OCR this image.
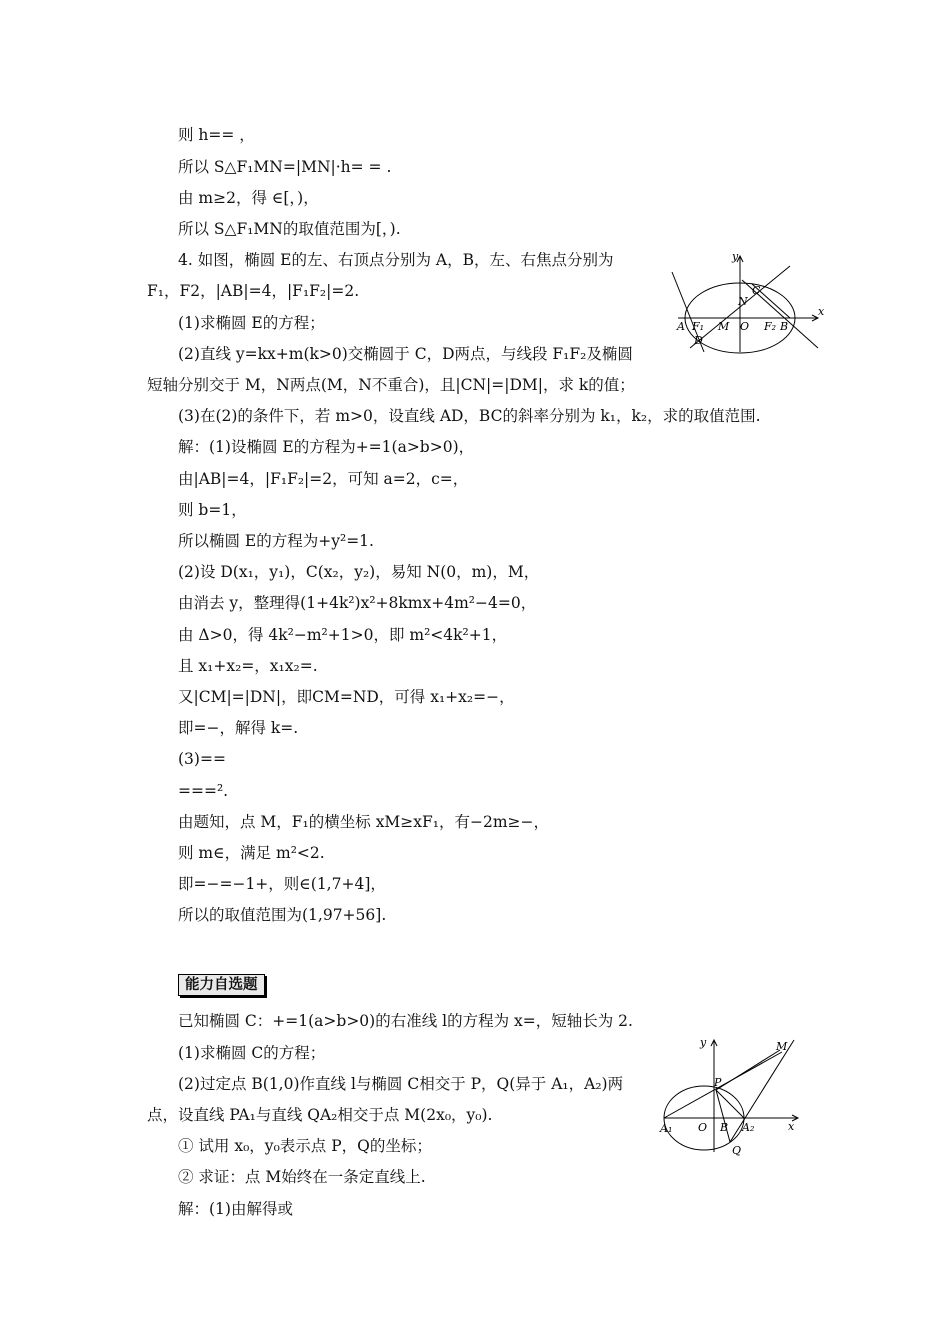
则 h== ，
所以 S△F₁MN=|MN|·h= = .
由 m≥2，得 ∈[，)，
所以 S△F₁MN的取值范围为[，).
4. 如图，椭圆 E的左、右顶点分别为 A，B，左、右焦点分别为
F₁，F2，|AB|=4，|F₁F₂|=2.
(1)求椭圆 E的方程；
(2)直线 y=kx+m(k>0)交椭圆于 C，D两点，与线段 F₁F₂及椭圆
短轴分别交于 M，N两点(M，N不重合)，且|CN|=|DM|，求 k的值；
(3)在(2)的条件下，若 m>0，设直线 AD，BC的斜率分别为 k₁，k₂，求的取值范围.
解：(1)设椭圆 E的方程为+=1(a>b>0)，
由|AB|=4，|F₁F₂|=2，可知 a=2，c=，
则 b=1，
所以椭圆 E的方程为+y²=1.
(2)设 D(x₁，y₁)，C(x₂，y₂)，易知 N(0，m)，M，
由消去 y，整理得(1+4k²)x²+8kmx+4m²−4=0，
由 Δ>0，得 4k²−m²+1>0，即 m²<4k²+1，
且 x₁+x₂=，x₁x₂=.
又|CM|=|DN|，即CM=ND，可得 x₁+x₂=−，
即=−，解得 k=.
(3)==
===².
由题知，点 M，F₁的横坐标 xM≥xF₁，有−2m≥−，
则 m∈，满足 m²<2.
即=−=−1+，则∈(1,7+4]，
所以的取值范围为(1,97+56].
能力自选题
已知椭圆 C：+=1(a>b>0)的右准线 l的方程为 x=，短轴长为 2.
(1)求椭圆 C的方程；
(2)过定点 B(1,0)作直线 l与椭圆 C相交于 P，Q(异于 A₁，A₂)两
点，设直线 PA₁与直线 QA₂相交于点 M(2x₀，y₀).
① 试用 x₀，y₀表示点 P，Q的坐标；
② 求证：点 M始终在一条定直线上.
解：(1)由解得或
y
x
A F₁ M O F₂ B
N
C
D
y
x
M
P
A₁ O B A₂
Q
